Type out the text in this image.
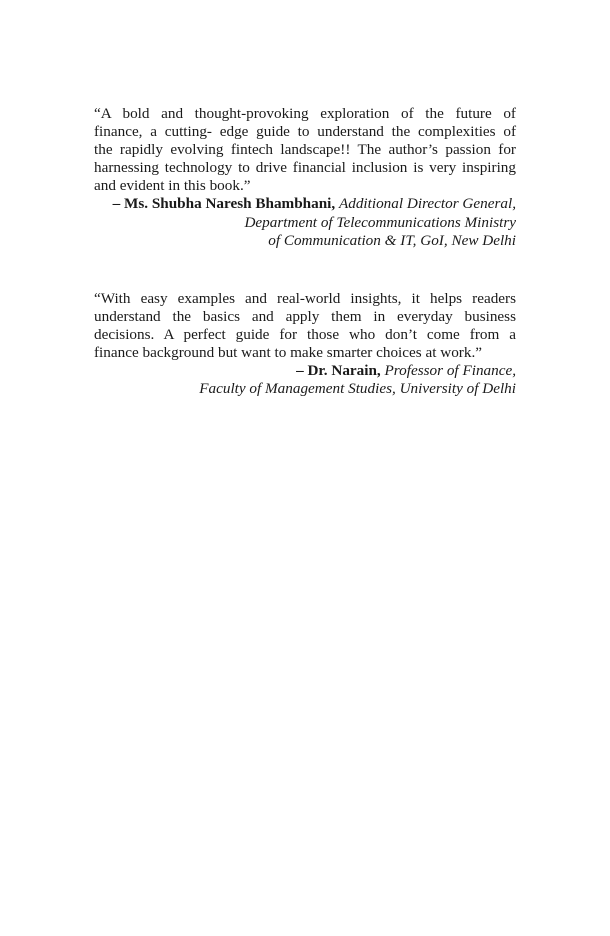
“A bold and thought-provoking exploration of the future of
finance, a cutting- edge guide to understand the complexities of
the rapidly evolving fintech landscape!! The author’s passion for
harnessing technology to drive financial inclusion is very inspiring
and evident in this book.”

– Ms. Shubha Naresh Bhambhani, Additional Director General,
Department of Telecommunications Ministry
of Communication & IT, GoI, New Delhi

“With easy examples and real-world insights, it helps readers
understand the basics and apply them in everyday business
decisions. A perfect guide for those who don’t come from a
finance background but want to make smarter choices at work.”

– Dr. Narain, Professor of Finance,
Faculty of Management Studies, University of Delhi
